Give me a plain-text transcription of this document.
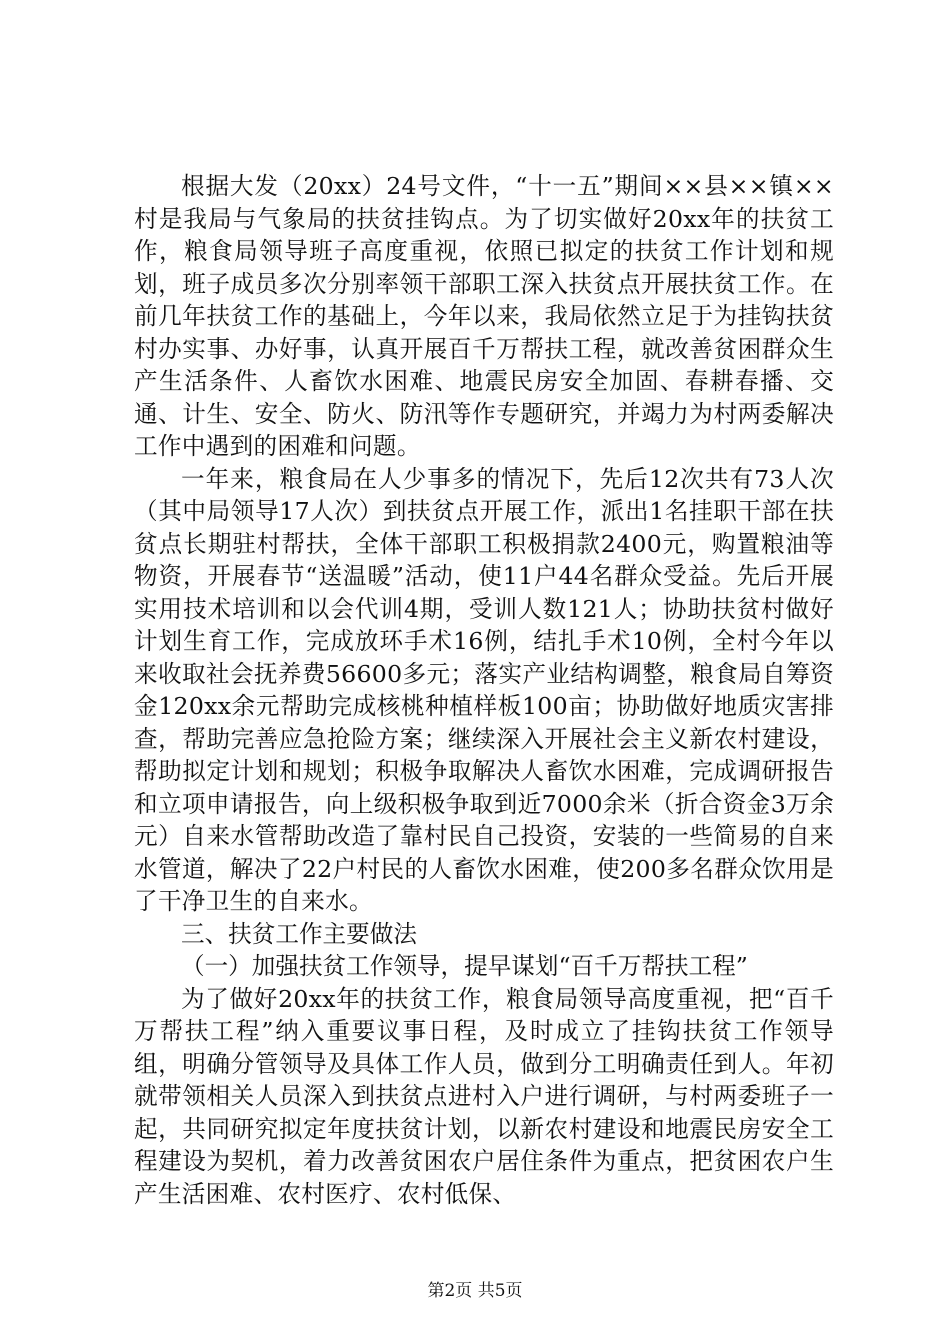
根据大发（20xx）24号文件，“十一五”期间××县××镇××村是我局与气象局的扶贫挂钩点。为了切实做好20xx年的扶贫工作，粮食局领导班子高度重视，依照已拟定的扶贫工作计划和规划，班子成员多次分别率领干部职工深入扶贫点开展扶贫工作。在前几年扶贫工作的基础上，今年以来，我局依然立足于为挂钩扶贫村办实事、办好事，认真开展百千万帮扶工程，就改善贫困群众生产生活条件、人畜饮水困难、地震民房安全加固、春耕春播、交通、计生、安全、防火、防汛等作专题研究，并竭力为村两委解决工作中遇到的困难和问题。

一年来，粮食局在人少事多的情况下，先后12次共有73人次（其中局领导17人次）到扶贫点开展工作，派出1名挂职干部在扶贫点长期驻村帮扶，全体干部职工积极捐款2400元，购置粮油等物资，开展春节“送温暖”活动，使11户44名群众受益。先后开展实用技术培训和以会代训4期，受训人数121人；协助扶贫村做好计划生育工作，完成放环手术16例，结扎手术10例，全村今年以来收取社会抚养费56600多元；落实产业结构调整，粮食局自筹资金120xx余元帮助完成核桃种植样板100亩；协助做好地质灾害排查，帮助完善应急抢险方案；继续深入开展社会主义新农村建设，帮助拟定计划和规划；积极争取解决人畜饮水困难，完成调研报告和立项申请报告，向上级积极争取到近7000余米（折合资金3万余元）自来水管帮助改造了靠村民自己投资，安装的一些简易的自来水管道，解决了22户村民的人畜饮水困难，使200多名群众饮用是了干净卫生的自来水。

三、扶贫工作主要做法

（一）加强扶贫工作领导，提早谋划“百千万帮扶工程”

为了做好20xx年的扶贫工作，粮食局领导高度重视，把“百千万帮扶工程”纳入重要议事日程，及时成立了挂钩扶贫工作领导组，明确分管领导及具体工作人员，做到分工明确责任到人。年初就带领相关人员深入到扶贫点进村入户进行调研，与村两委班子一起，共同研究拟定年度扶贫计划，以新农村建设和地震民房安全工程建设为契机，着力改善贫困农户居住条件为重点，把贫困农户生产生活困难、农村医疗、农村低保、

第2页 共5页
